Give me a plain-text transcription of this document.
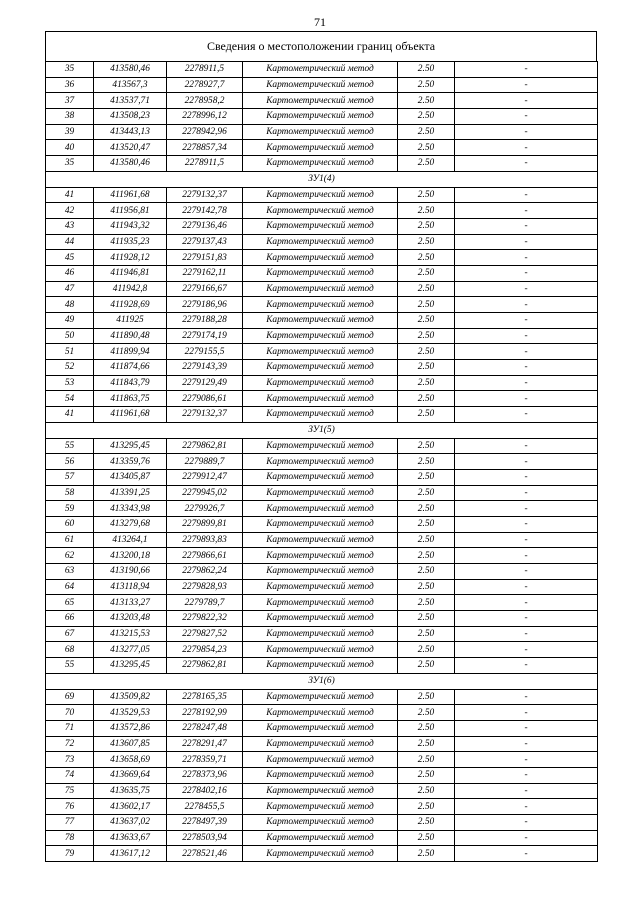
71
Сведения о местоположении границ объекта
35	413580,46	2278911,5	Картометрический метод	2.50	-
36	413567,3	2278927,7	Картометрический метод	2.50	-
37	413537,71	2278958,2	Картометрический метод	2.50	-
38	413508,23	2278996,12	Картометрический метод	2.50	-
39	413443,13	2278942,96	Картометрический метод	2.50	-
40	413520,47	2278857,34	Картометрический метод	2.50	-
35	413580,46	2278911,5	Картометрический метод	2.50	-
ЗУ1(4)					
41	411961,68	2279132,37	Картометрический метод	2.50	-
42	411956,81	2279142,78	Картометрический метод	2.50	-
43	411943,32	2279136,46	Картометрический метод	2.50	-
44	411935,23	2279137,43	Картометрический метод	2.50	-
45	411928,12	2279151,83	Картометрический метод	2.50	-
46	411946,81	2279162,11	Картометрический метод	2.50	-
47	411942,8	2279166,67	Картометрический метод	2.50	-
48	411928,69	2279186,96	Картометрический метод	2.50	-
49	411925	2279188,28	Картометрический метод	2.50	-
50	411890,48	2279174,19	Картометрический метод	2.50	-
51	411899,94	2279155,5	Картометрический метод	2.50	-
52	411874,66	2279143,39	Картометрический метод	2.50	-
53	411843,79	2279129,49	Картометрический метод	2.50	-
54	411863,75	2279086,61	Картометрический метод	2.50	-
41	411961,68	2279132,37	Картометрический метод	2.50	-
ЗУ1(5)					
55	413295,45	2279862,81	Картометрический метод	2.50	-
56	413359,76	2279889,7	Картометрический метод	2.50	-
57	413405,87	2279912,47	Картометрический метод	2.50	-
58	413391,25	2279945,02	Картометрический метод	2.50	-
59	413343,98	2279926,7	Картометрический метод	2.50	-
60	413279,68	2279899,81	Картометрический метод	2.50	-
61	413264,1	2279893,83	Картометрический метод	2.50	-
62	413200,18	2279866,61	Картометрический метод	2.50	-
63	413190,66	2279862,24	Картометрический метод	2.50	-
64	413118,94	2279828,93	Картометрический метод	2.50	-
65	413133,27	2279789,7	Картометрический метод	2.50	-
66	413203,48	2279822,32	Картометрический метод	2.50	-
67	413215,53	2279827,52	Картометрический метод	2.50	-
68	413277,05	2279854,23	Картометрический метод	2.50	-
55	413295,45	2279862,81	Картометрический метод	2.50	-
ЗУ1(6)					
69	413509,82	2278165,35	Картометрический метод	2.50	-
70	413529,53	2278192,99	Картометрический метод	2.50	-
71	413572,86	2278247,48	Картометрический метод	2.50	-
72	413607,85	2278291,47	Картометрический метод	2.50	-
73	413658,69	2278359,71	Картометрический метод	2.50	-
74	413669,64	2278373,96	Картометрический метод	2.50	-
75	413635,75	2278402,16	Картометрический метод	2.50	-
76	413602,17	2278455,5	Картометрический метод	2.50	-
77	413637,02	2278497,39	Картометрический метод	2.50	-
78	413633,67	2278503,94	Картометрический метод	2.50	-
79	413617,12	2278521,46	Картометрический метод	2.50	-
